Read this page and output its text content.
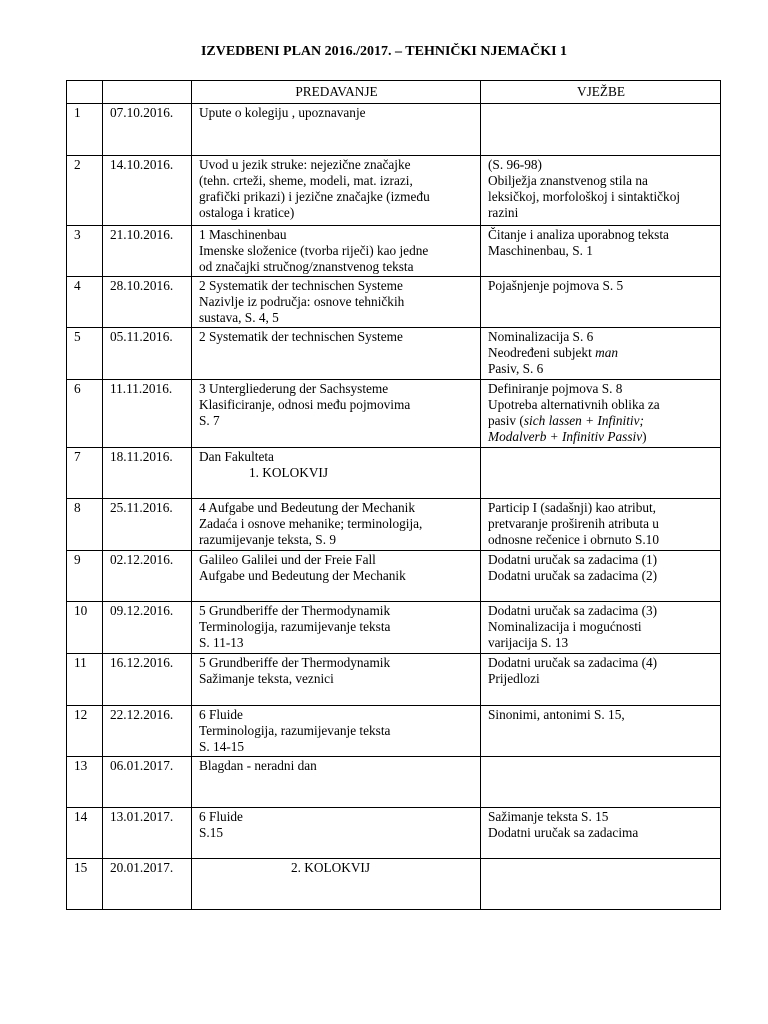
IZVEDBENI PLAN 2016./2017. – TEHNIČKI NJEMAČKI 1
		PREDAVANJE	VJEŽBE
1	07.10.2016.	Upute o kolegiju , upoznavanje	

2	14.10.2016.	Uvod u jezik struke: nejezične značajke
(tehn. crteži, sheme, modeli, mat. izrazi,
grafički prikazi) i jezične značajke (između
ostaloga i kratice)	(S. 96-98)
Obilježja znanstvenog stila na
leksičkoj, morfološkoj i sintaktičkoj
razini

3	21.10.2016.	1 Maschinenbau
Imenske složenice (tvorba riječi) kao jedne
od značajki stručnog/znanstvenog teksta	Čitanje i analiza uporabnog teksta
Maschinenbau, S. 1

4	28.10.2016.	2 Systematik der technischen Systeme
Nazivlje iz područja: osnove tehničkih
sustava, S. 4, 5	Pojašnjenje pojmova S. 5

5	05.11.2016.	2 Systematik der technischen Systeme	Nominalizacija S. 6
Neodređeni subjekt man
Pasiv, S. 6

6	11.11.2016.	3 Untergliederung der Sachsysteme
Klasificiranje, odnosi među pojmovima
S. 7	Definiranje pojmova S. 8
Upotreba alternativnih oblika za
pasiv (sich lassen + Infinitiv;
Modalverb + Infinitiv Passiv)

7	18.11.2016.	Dan Fakulteta
1. KOLOKVIJ	

8	25.11.2016.	4 Aufgabe und Bedeutung der Mechanik
Zadaća i osnove mehanike; terminologija,
razumijevanje teksta, S. 9	Particip I (sadašnji) kao atribut,
pretvaranje proširenih atributa u
odnosne rečenice i obrnuto S.10

9	02.12.2016.	Galileo Galilei und der Freie Fall
Aufgabe und Bedeutung der Mechanik	Dodatni uručak sa zadacima (1)
Dodatni uručak sa zadacima (2)

10	09.12.2016.	5 Grundberiffe der Thermodynamik
Terminologija, razumijevanje teksta
S. 11-13	Dodatni uručak sa zadacima (3)
Nominalizacija i mogućnosti
varijacija S. 13

11	16.12.2016.	5 Grundberiffe der Thermodynamik
Sažimanje teksta, veznici	Dodatni uručak sa zadacima (4)
Prijedlozi

12	22.12.2016.	6 Fluide
Terminologija, razumijevanje teksta
S. 14-15	Sinonimi, antonimi S. 15,

13	06.01.2017.	Blagdan - neradni dan	

14	13.01.2017.	6 Fluide
S.15	Sažimanje teksta S. 15
Dodatni uručak sa zadacima

15	20.01.2017.	2. KOLOKVIJ	
